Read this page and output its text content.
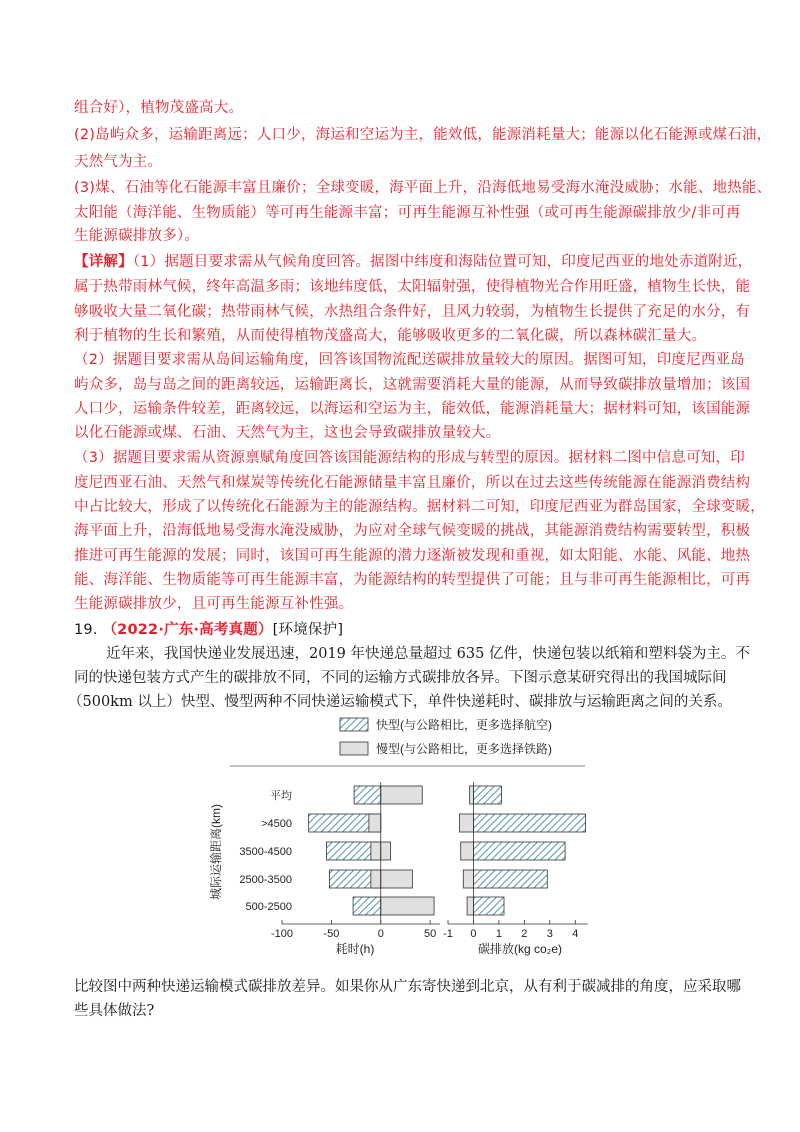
组合好），植物茂盛高大。
(2)岛屿众多，运输距离远；人口少，海运和空运为主，能效低，能源消耗量大；能源以化石能源或煤石油，
天然气为主。
(3)煤、石油等化石能源丰富且廉价；全球变暖，海平面上升，沿海低地易受海水淹没威胁；水能、地热能、
太阳能（海洋能、生物质能）等可再生能源丰富；可再生能源互补性强（或可再生能源碳排放少/非可再
生能源碳排放多）。
【详解】（1）据题目要求需从气候角度回答。据图中纬度和海陆位置可知，印度尼西亚的地处赤道附近，
属于热带雨林气候，终年高温多雨；该地纬度低，太阳辐射强，使得植物光合作用旺盛，植物生长快，能
够吸收大量二氧化碳；热带雨林气候，水热组合条件好，且风力较弱，为植物生长提供了充足的水分，有
利于植物的生长和繁殖，从而使得植物茂盛高大，能够吸收更多的二氧化碳，所以森林碳汇量大。
（2）据题目要求需从岛间运输角度，回答该国物流配送碳排放量较大的原因。据图可知，印度尼西亚岛
屿众多，岛与岛之间的距离较远，运输距离长，这就需要消耗大量的能源，从而导致碳排放量增加；该国
人口少，运输条件较差，距离较远，以海运和空运为主，能效低，能源消耗量大；据材料可知，该国能源
以化石能源或煤、石油、天然气为主，这也会导致碳排放量较大。
（3）据题目要求需从资源禀赋角度回答该国能源结构的形成与转型的原因。据材料二图中信息可知，印
度尼西亚石油、天然气和煤炭等传统化石能源储量丰富且廉价，所以在过去这些传统能源在能源消费结构
中占比较大，形成了以传统化石能源为主的能源结构。据材料二可知，印度尼西亚为群岛国家，全球变暖，
海平面上升，沿海低地易受海水淹没威胁，为应对全球气候变暖的挑战，其能源消费结构需要转型，积极
推进可再生能源的发展；同时，该国可再生能源的潜力逐渐被发现和重视，如太阳能、水能、风能、地热
能、海洋能、生物质能等可再生能源丰富，为能源结构的转型提供了可能；且与非可再生能源相比，可再
生能源碳排放少，且可再生能源互补性强。
19. （2022·广东·高考真题）[环境保护]
近年来，我国快递业发展迅速，2019 年快递总量超过 635 亿件，快递包装以纸箱和塑料袋为主。不
同的快递包装方式产生的碳排放不同，不同的运输方式碳排放各异。下图示意某研究得出的我国城际间
（500km 以上）快型、慢型两种不同快递运输模式下，单件快递耗时、碳排放与运输距离之间的关系。
快型(与公路相比，更多选择航空)
慢型(与公路相比，更多选择铁路)
-100	-50	0	50
耗时(h)
-1 0 1 2 3 4
碳排放(kg co₂e)
城际运输距离(km)
平均
>4500
3500-4500
2500-3500
500-2500
比较图中两种快递运输模式碳排放差异。如果你从广东寄快递到北京，从有利于碳减排的角度，应采取哪
些具体做法?
